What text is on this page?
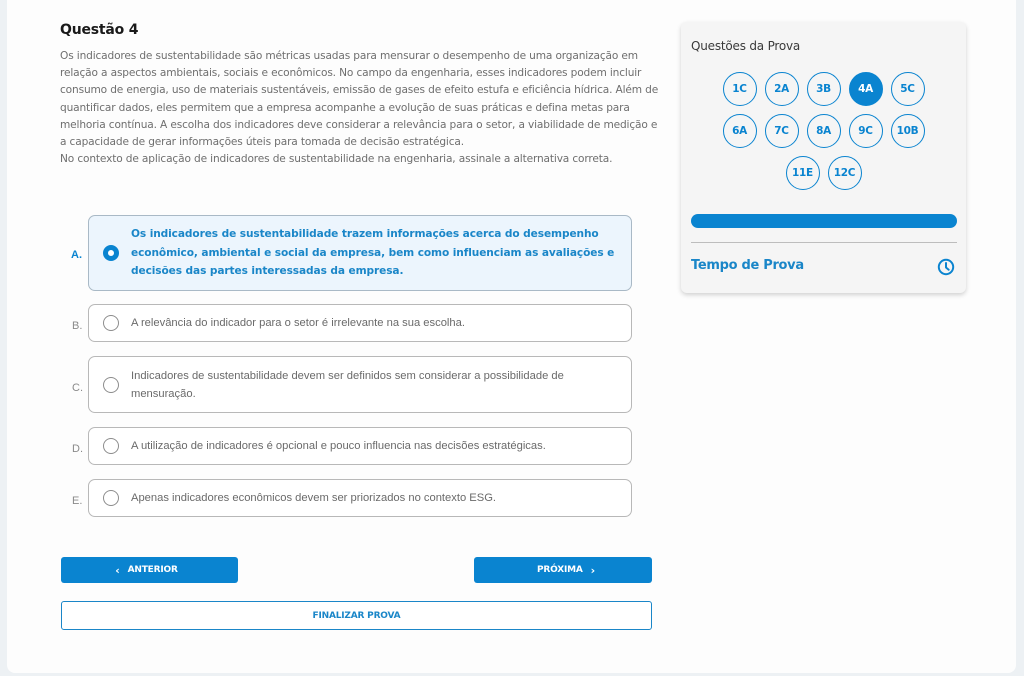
Questão 4
Os indicadores de sustentabilidade são métricas usadas para mensurar o desempenho de uma organização em relação a aspectos ambientais, sociais e econômicos. No campo da engenharia, esses indicadores podem incluir consumo de energia, uso de materiais sustentáveis, emissão de gases de efeito estufa e eficiência hídrica. Além de quantificar dados, eles permitem que a empresa acompanhe a evolução de suas práticas e defina metas para melhoria contínua. A escolha dos indicadores deve considerar a relevância para o setor, a viabilidade de medição e a capacidade de gerar informações úteis para tomada de decisão estratégica.
No contexto de aplicação de indicadores de sustentabilidade na engenharia, assinale a alternativa correta.
A.
Os indicadores de sustentabilidade trazem informações acerca do desempenho econômico, ambiental e social da empresa, bem como influenciam as avaliações e decisões das partes interessadas da empresa.
B.	A relevância do indicador para o setor é irrelevante na sua escolha.
C.
Indicadores de sustentabilidade devem ser definidos sem considerar a possibilidade de mensuração.
D.	A utilização de indicadores é opcional e pouco influencia nas decisões estratégicas.
E.	Apenas indicadores econômicos devem ser priorizados no contexto ESG.
‹ ANTERIOR	PRÓXIMA ›
FINALIZAR PROVA
Questões da Prova
1C	2A	3B	4A	5C
6A	7C	8A	9C	10B
11E	12C
Tempo de Prova
